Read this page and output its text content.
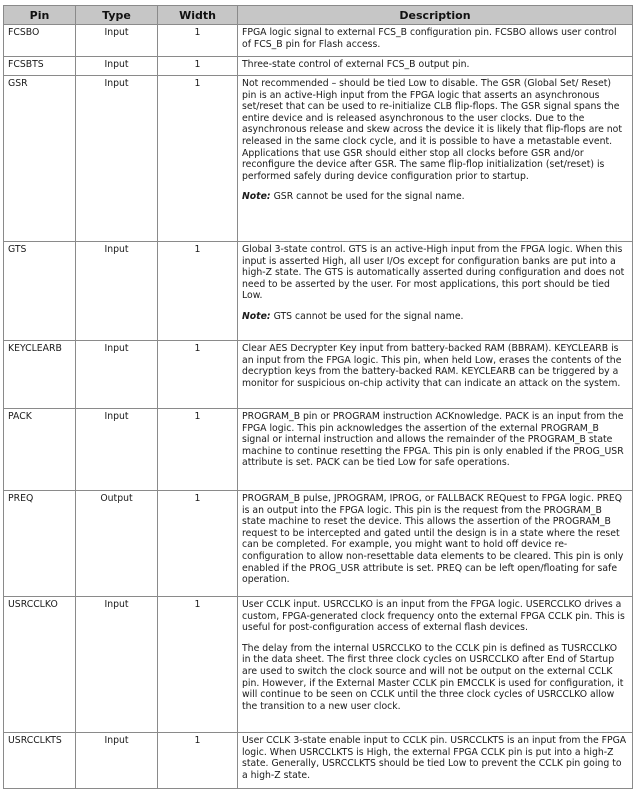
Pin	Type	Width	Description
FCSBO	Input	1	FPGA logic signal to external FCS_B configuration pin. FCSBO allows user control of FCS_B pin for Flash access.

FCSBTS	Input	1	Three-state control of external FCS_B output pin.

GSR	Input	1	Not recommended – should be tied Low to disable. The GSR (Global Set/ Reset) pin is an active-High input from the FPGA logic that asserts an asynchronous set/reset that can be used to re-initialize CLB flip-flops. The GSR signal spans the entire device and is released asynchronous to the user clocks. Due to the asynchronous release and skew across the device it is likely that flip-flops are not released in the same clock cycle, and it is possible to have a metastable event. Applications that use GSR should either stop all clocks before GSR and/or reconfigure the device after GSR. The same flip-flop initialization (set/reset) is performed safely during device configuration prior to startup.

Note: GSR cannot be used for the signal name.

GTS	Input	1	Global 3-state control. GTS is an active-High input from the FPGA logic. When this input is asserted High, all user I/Os except for configuration banks are put into a high-Z state. The GTS is automatically asserted during configuration and does not need to be asserted by the user. For most applications, this port should be tied Low.

Note: GTS cannot be used for the signal name.

KEYCLEARB	Input	1	Clear AES Decrypter Key input from battery-backed RAM (BBRAM). KEYCLEARB is an input from the FPGA logic. This pin, when held Low, erases the contents of the decryption keys from the battery-backed RAM. KEYCLEARB can be triggered by a monitor for suspicious on-chip activity that can indicate an attack on the system.

PACK	Input	1	PROGRAM_B pin or PROGRAM instruction ACKnowledge. PACK is an input from the FPGA logic. This pin acknowledges the assertion of the external PROGRAM_B signal or internal instruction and allows the remainder of the PROGRAM_B state machine to continue resetting the FPGA. This pin is only enabled if the PROG_USR attribute is set. PACK can be tied Low for safe operations.

PREQ	Output	1	PROGRAM_B pulse, JPROGRAM, IPROG, or FALLBACK REQuest to FPGA logic. PREQ is an output into the FPGA logic. This pin is the request from the PROGRAM_B state machine to reset the device. This allows the assertion of the PROGRAM_B request to be intercepted and gated until the design is in a state where the reset can be completed. For example, you might want to hold off device re-configuration to allow non-resettable data elements to be cleared. This pin is only enabled if the PROG_USR attribute is set. PREQ can be left open/floating for safe operation.

USRCCLKO	Input	1	User CCLK input. USRCCLKO is an input from the FPGA logic. USERCCLKO drives a custom, FPGA-generated clock frequency onto the external FPGA CCLK pin. This is useful for post-configuration access of external flash devices.

The delay from the internal USRCCLKO to the CCLK pin is defined as TUSRCCLKO in the data sheet. The first three clock cycles on USRCCLKO after End of Startup are used to switch the clock source and will not be output on the external CCLK pin. However, if the External Master CCLK pin EMCCLK is used for configuration, it will continue to be seen on CCLK until the three clock cycles of USRCCLKO allow the transition to a new user clock.

USRCCLKTS	Input	1	User CCLK 3-state enable input to CCLK pin. USRCCLKTS is an input from the FPGA logic. When USRCCLKTS is High, the external FPGA CCLK pin is put into a high-Z state. Generally, USRCCLKTS should be tied Low to prevent the CCLK pin going to a high-Z state.
